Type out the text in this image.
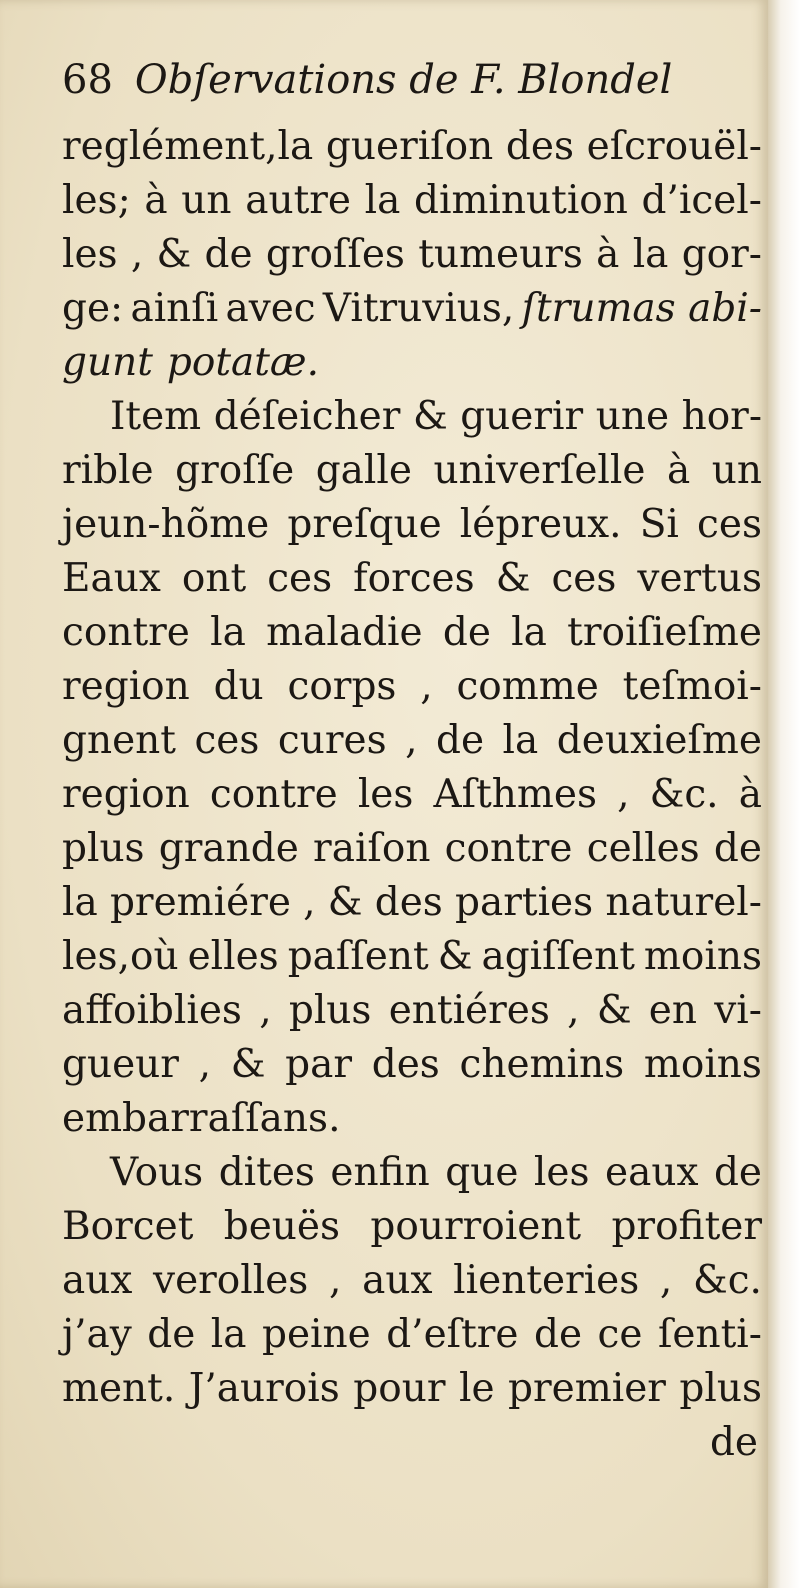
68 Obſervations de F. Blondel
reglément,la gueriſon des eſcrouël-
les; à un autre la diminution d’icel-
les , & de groſſes tumeurs à la gor-
ge: ainſi avec Vitruvius, ſtrumas abi-
gunt potatæ.
Item déſeicher & guerir une hor-
rible groſſe galle univerſelle à un
jeun-hõme preſque lépreux. Si ces
Eaux ont ces forces & ces vertus
contre la maladie de la troiſieſme
region du corps , comme teſmoi-
gnent ces cures , de la deuxieſme
region contre les Aſthmes , &c. à
plus grande raiſon contre celles de
la premiére , & des parties naturel-
les,où elles paſſent & agiſſent moins
affoiblies , plus entiéres , & en vi-
gueur , & par des chemins moins
embarraſſans.
Vous dites enfin que les eaux de
Borcet beuës pourroient profiter
aux verolles , aux lienteries , &c.
j’ay de la peine d’eſtre de ce ſenti-
ment. J’aurois pour le premier plus
de
